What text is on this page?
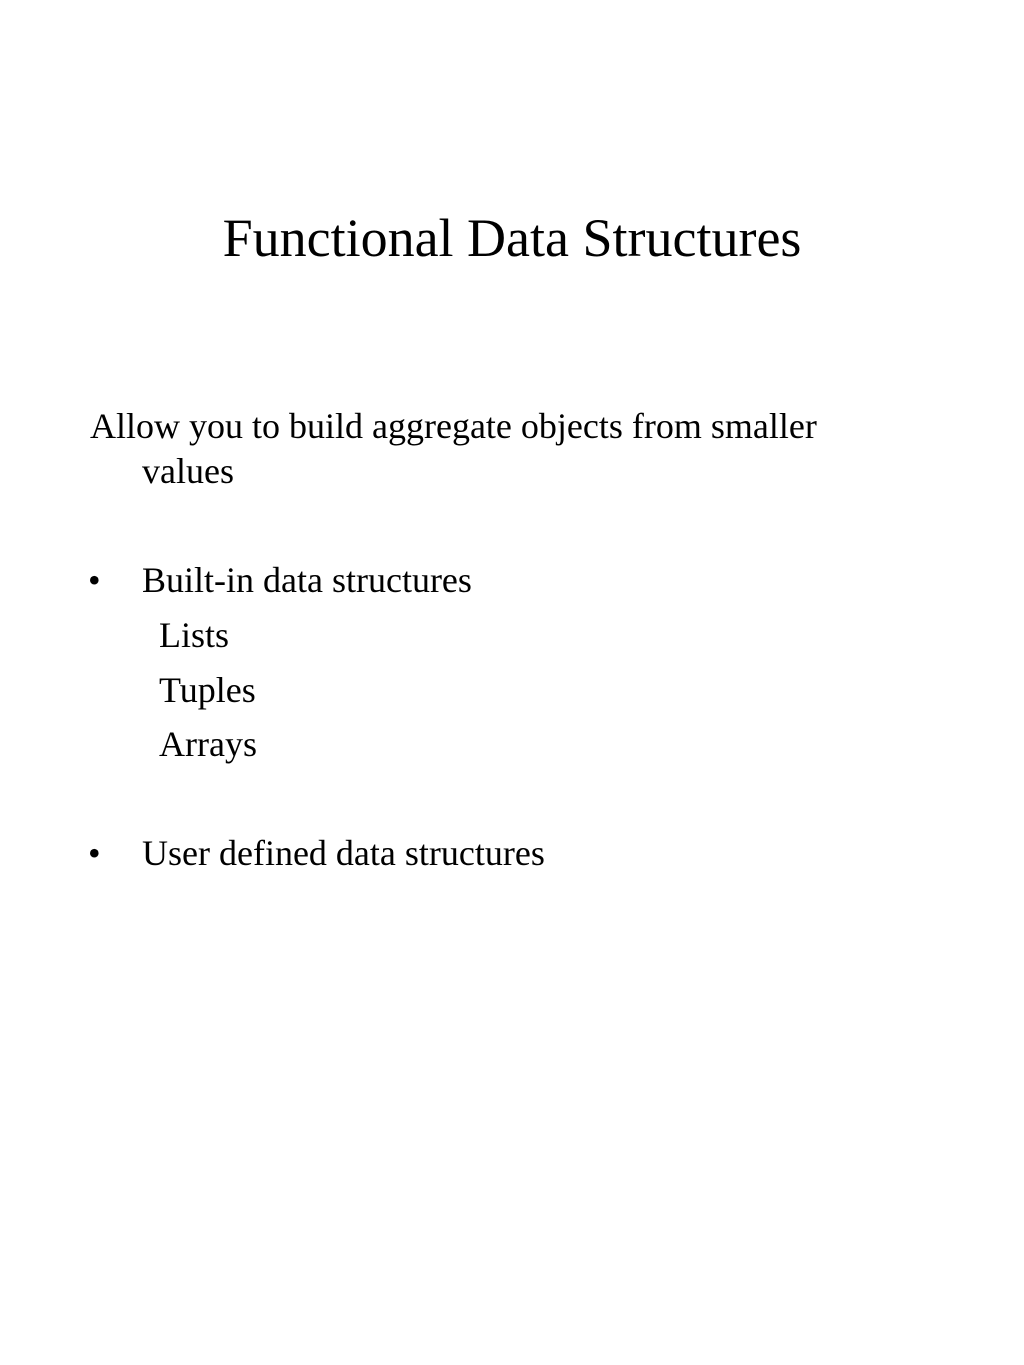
Functional Data Structures
Allow you to build aggregate objects from smaller
values
• Built-in data structures
Lists
Tuples
Arrays
• User defined data structures
